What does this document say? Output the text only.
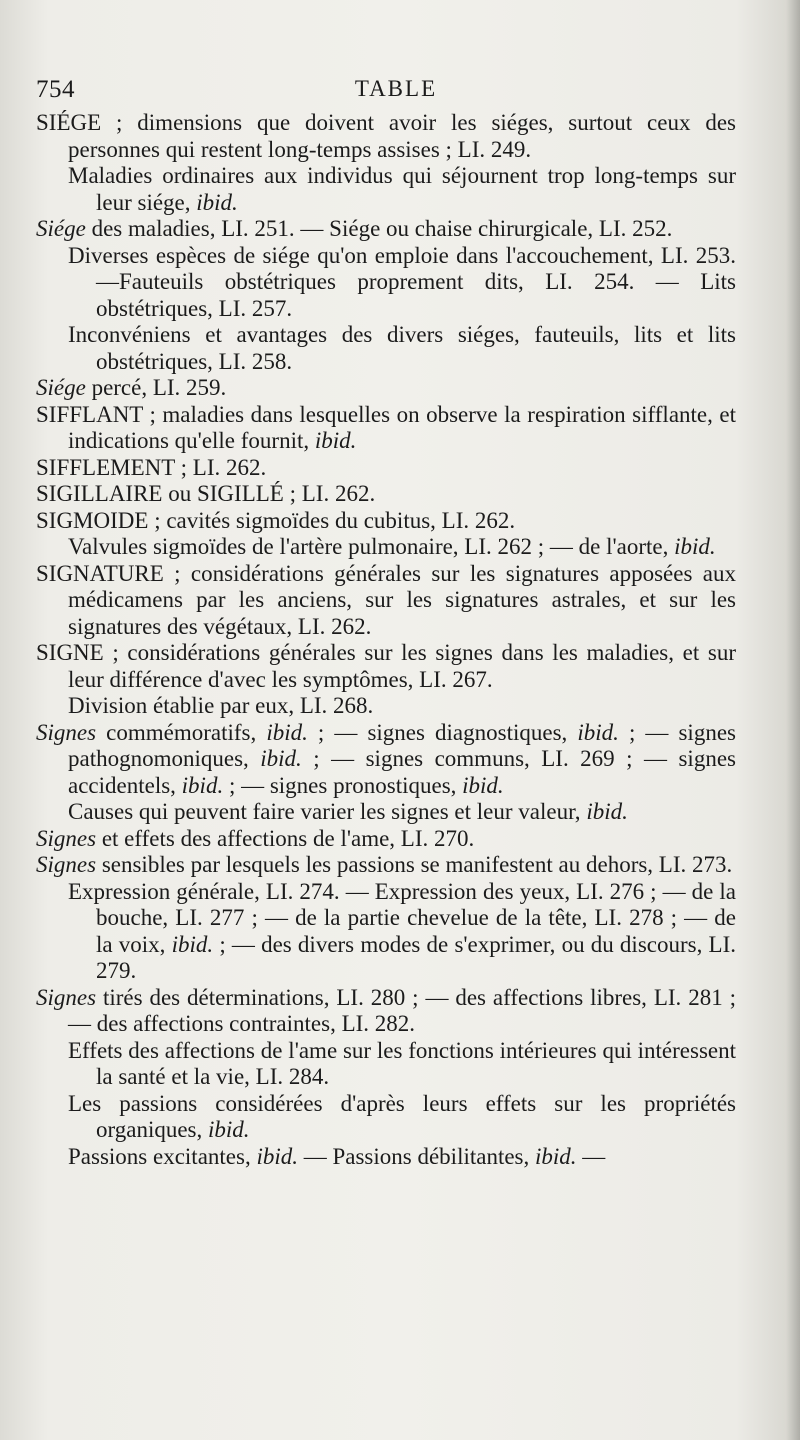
754	TABLE

SIÉGE ; dimensions que doivent avoir les siéges, surtout ceux des personnes qui restent long-temps assises ; LI. 249.

Maladies ordinaires aux individus qui séjournent trop long-temps sur leur siége, ibid.

Siége des maladies, LI. 251. — Siége ou chaise chirurgicale, LI. 252.

Diverses espèces de siége qu'on emploie dans l'accouchement, LI. 253.—Fauteuils obstétriques proprement dits, LI. 254. — Lits obstétriques, LI. 257.

Inconvéniens et avantages des divers siéges, fauteuils, lits et lits obstétriques, LI. 258.

Siége percé, LI. 259.

SIFFLANT ; maladies dans lesquelles on observe la respiration sifflante, et indications qu'elle fournit, ibid.

SIFFLEMENT ; LI. 262.

SIGILLAIRE ou SIGILLÉ ; LI. 262.

SIGMOIDE ; cavités sigmoïdes du cubitus, LI. 262.

Valvules sigmoïdes de l'artère pulmonaire, LI. 262 ; — de l'aorte, ibid.

SIGNATURE ; considérations générales sur les signatures apposées aux médicamens par les anciens, sur les signatures astrales, et sur les signatures des végétaux, LI. 262.

SIGNE ; considérations générales sur les signes dans les maladies, et sur leur différence d'avec les symptômes, LI. 267.

Division établie par eux, LI. 268.

Signes commémoratifs, ibid. ; — signes diagnostiques, ibid. ; — signes pathognomoniques, ibid. ; — signes communs, LI. 269 ; — signes accidentels, ibid. ; — signes pronostiques, ibid.

Causes qui peuvent faire varier les signes et leur valeur, ibid.

Signes et effets des affections de l'ame, LI. 270.

Signes sensibles par lesquels les passions se manifestent au dehors, LI. 273.

Expression générale, LI. 274. — Expression des yeux, LI. 276 ; — de la bouche, LI. 277 ; — de la partie chevelue de la tête, LI. 278 ; — de la voix, ibid. ; — des divers modes de s'exprimer, ou du discours, LI. 279.

Signes tirés des déterminations, LI. 280 ; — des affections libres, LI. 281 ; — des affections contraintes, LI. 282.

Effets des affections de l'ame sur les fonctions intérieures qui intéressent la santé et la vie, LI. 284.

Les passions considérées d'après leurs effets sur les propriétés organiques, ibid.

Passions excitantes, ibid. — Passions débilitantes, ibid. —
